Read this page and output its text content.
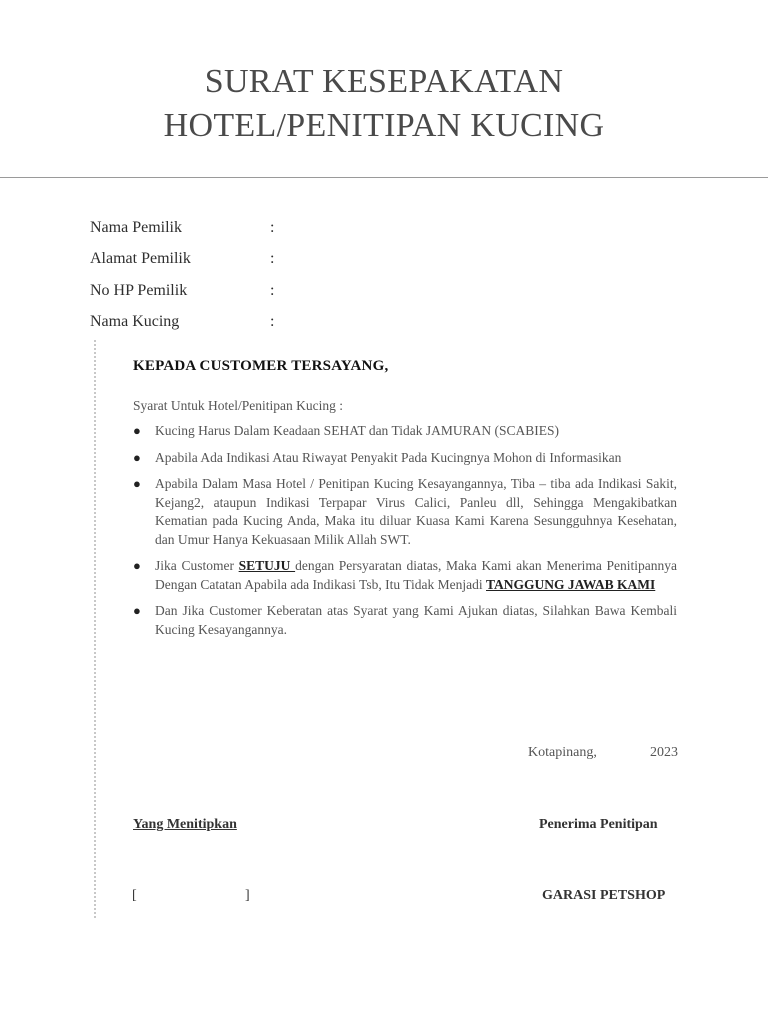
SURAT KESEPAKATAN
HOTEL/PENITIPAN KUCING
Nama Pemilik	:
Alamat Pemilik	:
No HP Pemilik	:
Nama Kucing	:
KEPADA CUSTOMER TERSAYANG,
Syarat Untuk Hotel/Penitipan Kucing :
●	Kucing Harus Dalam Keadaan SEHAT dan Tidak JAMURAN (SCABIES)
●	Apabila Ada Indikasi Atau Riwayat Penyakit Pada Kucingnya Mohon di Informasikan
●	Apabila Dalam Masa Hotel / Penitipan Kucing Kesayangannya, Tiba – tiba ada Indikasi Sakit, Kejang2, ataupun Indikasi Terpapar Virus Calici, Panleu dll, Sehingga Mengakibatkan Kematian pada Kucing Anda, Maka itu diluar Kuasa Kami Karena Sesungguhnya Kesehatan, dan Umur Hanya Kekuasaan Milik Allah SWT.
●	Jika Customer SETUJU dengan Persyaratan diatas, Maka Kami akan Menerima Penitipannya Dengan Catatan Apabila ada Indikasi Tsb, Itu Tidak Menjadi TANGGUNG JAWAB KAMI
●	Dan Jika Customer Keberatan atas Syarat yang Kami Ajukan diatas, Silahkan Bawa Kembali Kucing Kesayangannya.
Kotapinang,	2023
Yang Menitipkan	Penerima Penitipan
[	]	GARASI PETSHOP
